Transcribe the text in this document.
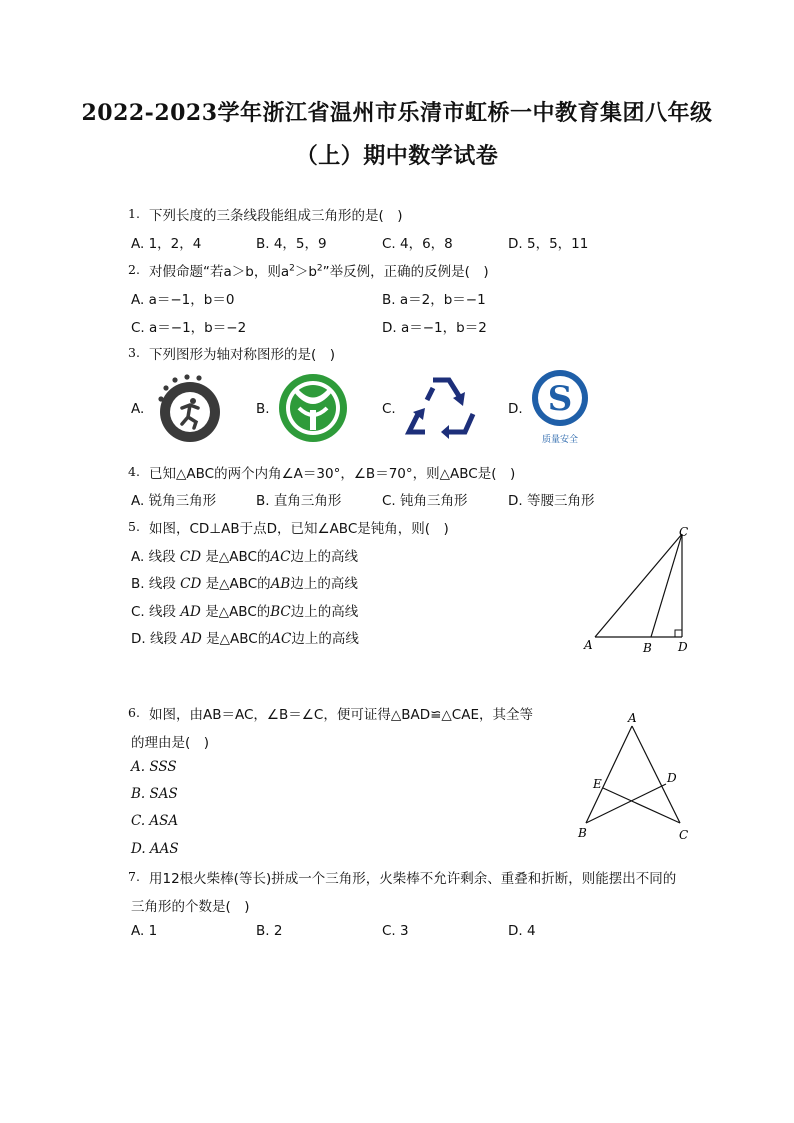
2022-2023学年浙江省温州市乐清市虹桥一中教育集团八年级
（上）期中数学试卷
1. 下列长度的三条线段能组成三角形的是(　)
A. 1，2，4	B. 4，5，9	C. 4，6，8	D. 5，5，11
2. 对假命题“若a＞b，则$a^2>b^2$”举反例，正确的反例是(　)
A. a＝−1，b＝0	B. a＝2，b＝−1
C. a＝−1，b＝−2	D. a＝−1，b＝2
3. 下列图形为轴对称图形的是(　)
A.	B.	C.	D. S
质量安全
4. 已知△ABC的两个内角∠A＝30°，∠B＝70°，则△ABC是(　)
A. 锐角三角形	B. 直角三角形	C. 钝角三角形	D. 等腰三角形
5. 如图，CD⊥AB于点D，已知∠ABC是钝角，则(　)
A. 线段 CD 是△ABC的AC边上的高线
B. 线段 CD 是△ABC的AB边上的高线
C. 线段 AD 是△ABC的BC边上的高线
D. 线段 AD 是△ABC的AC边上的高线
C
A	B D
6. 如图，由AB＝AC，∠B＝∠C，便可证得△BAD≌△CAE，其全等
的理由是(　)
A. SSS
B. SAS
C. ASA
D. AAS
A
E	D
B	C
7. 用12根火柴棒(等长)拼成一个三角形，火柴棒不允许剩余、重叠和折断，则能摆出不同的
三角形的个数是(　)
A. 1	B. 2	C. 3	D. 4
